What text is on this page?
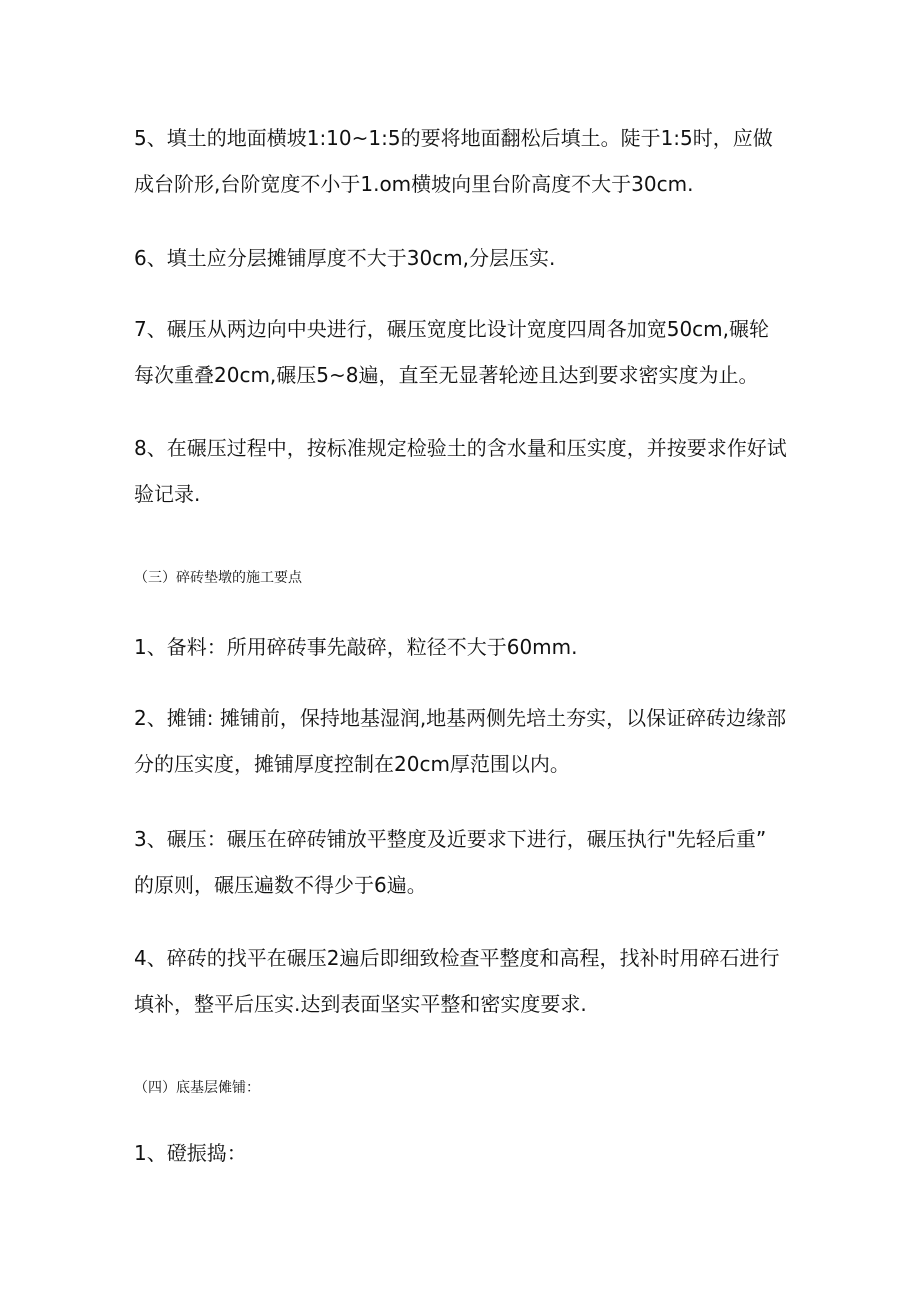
5、填土的地面横坡1:10~1:5的要将地面翻松后填土。陡于1:5时，应做
成台阶形,台阶宽度不小于1.om横坡向里台阶高度不大于30cm.

6、填土应分层摊铺厚度不大于30cm,分层压实.

7、碾压从两边向中央进行，碾压宽度比设计宽度四周各加宽50cm,碾轮
每次重叠20cm,碾压5~8遍，直至无显著轮迹且达到要求密实度为止。

8、在碾压过程中，按标准规定检验土的含水量和压实度，并按要求作好试
验记录.

（三）碎砖垫墩的施工要点

1、备料：所用碎砖事先敲碎，粒径不大于60mm.

2、摊铺: 摊铺前，保持地基湿润,地基两侧先培土夯实，以保证碎砖边缘部
分的压实度，摊铺厚度控制在20cm厚范围以内。

3、碾压：碾压在碎砖铺放平整度及近要求下进行，碾压执行"先轻后重”
的原则，碾压遍数不得少于6遍。

4、碎砖的找平在碾压2遍后即细致检查平整度和高程，找补时用碎石进行
填补，整平后压实.达到表面坚实平整和密实度要求.

（四）底基层傩铺：

1、磴振捣：
